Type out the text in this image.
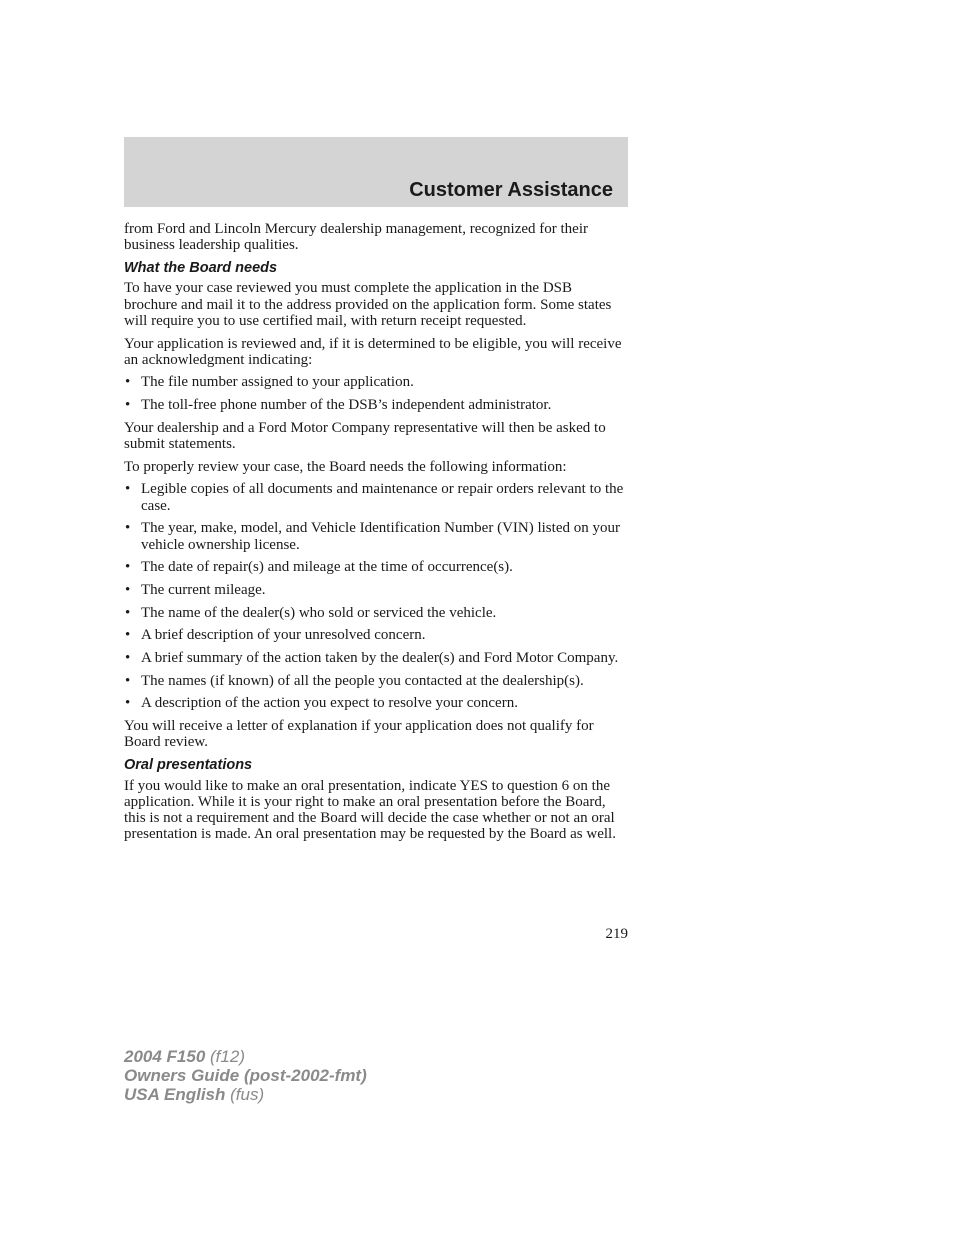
Customer Assistance

from Ford and Lincoln Mercury dealership management, recognized for their business leadership qualities.

What the Board needs

To have your case reviewed you must complete the application in the DSB brochure and mail it to the address provided on the application form. Some states will require you to use certified mail, with return receipt requested.

Your application is reviewed and, if it is determined to be eligible, you will receive an acknowledgment indicating:

• The file number assigned to your application.
• The toll-free phone number of the DSB’s independent administrator.

Your dealership and a Ford Motor Company representative will then be asked to submit statements.

To properly review your case, the Board needs the following information:

• Legible copies of all documents and maintenance or repair orders relevant to the case.
• The year, make, model, and Vehicle Identification Number (VIN) listed on your vehicle ownership license.
• The date of repair(s) and mileage at the time of occurrence(s).
• The current mileage.
• The name of the dealer(s) who sold or serviced the vehicle.
• A brief description of your unresolved concern.
• A brief summary of the action taken by the dealer(s) and Ford Motor Company.
• The names (if known) of all the people you contacted at the dealership(s).
• A description of the action you expect to resolve your concern.

You will receive a letter of explanation if your application does not qualify for Board review.

Oral presentations

If you would like to make an oral presentation, indicate YES to question 6 on the application. While it is your right to make an oral presentation before the Board, this is not a requirement and the Board will decide the case whether or not an oral presentation is made. An oral presentation may be requested by the Board as well.

219

2004 F150 (f12)

Owners Guide (post-2002-fmt)

USA English (fus)
